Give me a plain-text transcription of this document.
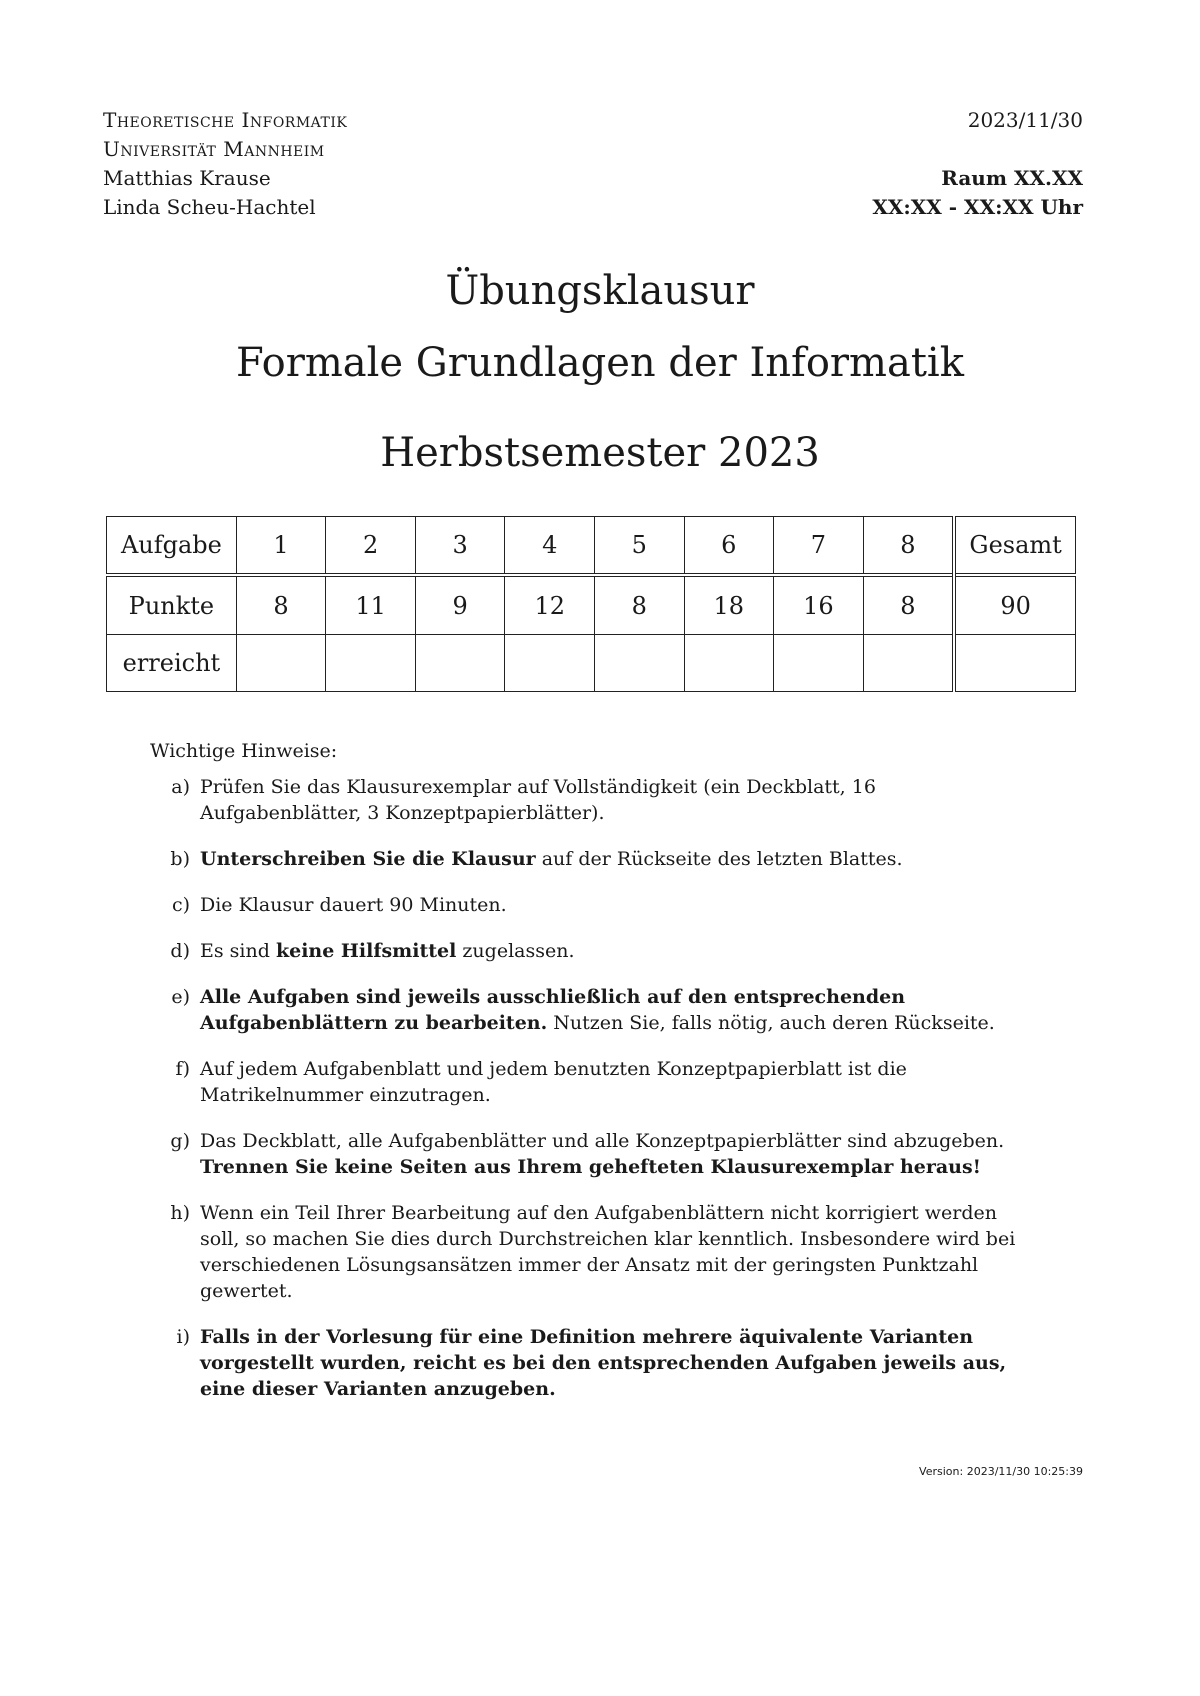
Theoretische Informatik
Universität Mannheim
Matthias Krause
Linda Scheu-Hachtel
2023/11/30
Raum XX.XX
XX:XX - XX:XX Uhr
Übungsklausur
Formale Grundlagen der Informatik
Herbstsemester 2023
Aufgabe	1	2	3	4	5	6	7	8	Gesamt
Punkte	8	11	9	12	8	18	16	8	90
erreicht									
Wichtige Hinweise:
a) Prüfen Sie das Klausurexemplar auf Vollständigkeit (ein Deckblatt, 16 Aufgabenblätter, 3 Konzeptpapierblätter).
b) Unterschreiben Sie die Klausur auf der Rückseite des letzten Blattes.
c) Die Klausur dauert 90 Minuten.
d) Es sind keine Hilfsmittel zugelassen.
e) Alle Aufgaben sind jeweils ausschließlich auf den entsprechenden Aufgabenblättern zu bearbeiten. Nutzen Sie, falls nötig, auch deren Rückseite.
f) Auf jedem Aufgabenblatt und jedem benutzten Konzeptpapierblatt ist die Matrikelnummer einzutragen.
g) Das Deckblatt, alle Aufgabenblätter und alle Konzeptpapierblätter sind abzugeben. Trennen Sie keine Seiten aus Ihrem gehefteten Klausurexemplar heraus!
h) Wenn ein Teil Ihrer Bearbeitung auf den Aufgabenblättern nicht korrigiert werden soll, so machen Sie dies durch Durchstreichen klar kenntlich. Insbesondere wird bei verschiedenen Lösungsansätzen immer der Ansatz mit der geringsten Punktzahl gewertet.
i) Falls in der Vorlesung für eine Definition mehrere äquivalente Varianten vorgestellt wurden, reicht es bei den entsprechenden Aufgaben jeweils aus, eine dieser Varianten anzugeben.
Version: 2023/11/30 10:25:39
